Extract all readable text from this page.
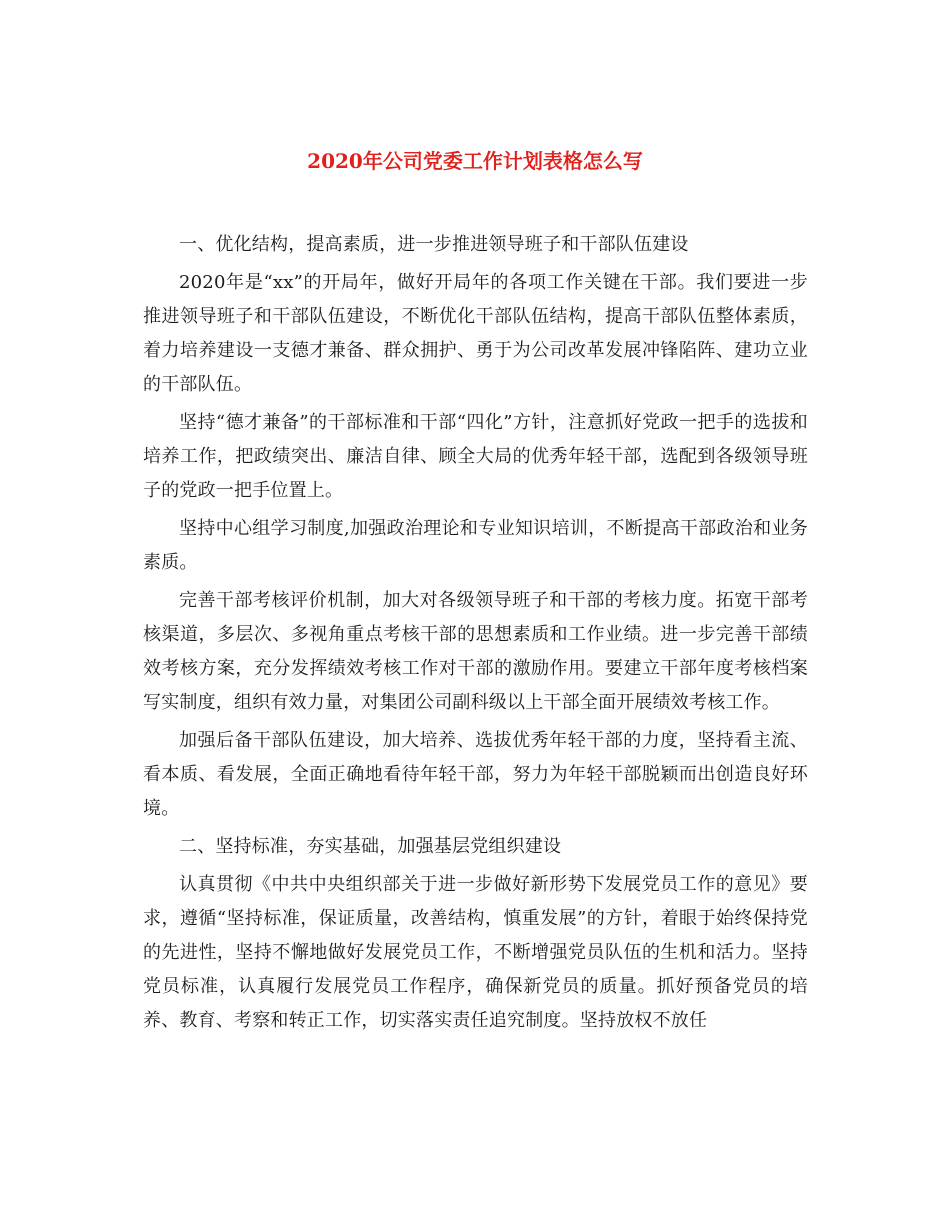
2020年公司党委工作计划表格怎么写

一、优化结构，提高素质，进一步推进领导班子和干部队伍建设

2020年是“xx”的开局年，做好开局年的各项工作关键在干部。我们要进一步推进领导班子和干部队伍建设，不断优化干部队伍结构，提高干部队伍整体素质，着力培养建设一支德才兼备、群众拥护、勇于为公司改革发展冲锋陷阵、建功立业的干部队伍。

坚持“德才兼备”的干部标准和干部“四化”方针，注意抓好党政一把手的选拔和培养工作，把政绩突出、廉洁自律、顾全大局的优秀年轻干部，选配到各级领导班子的党政一把手位置上。

坚持中心组学习制度,加强政治理论和专业知识培训，不断提高干部政治和业务素质。

完善干部考核评价机制，加大对各级领导班子和干部的考核力度。拓宽干部考核渠道，多层次、多视角重点考核干部的思想素质和工作业绩。进一步完善干部绩效考核方案，充分发挥绩效考核工作对干部的激励作用。要建立干部年度考核档案写实制度，组织有效力量，对集团公司副科级以上干部全面开展绩效考核工作。

加强后备干部队伍建设，加大培养、选拔优秀年轻干部的力度，坚持看主流、看本质、看发展，全面正确地看待年轻干部，努力为年轻干部脱颖而出创造良好环境。

二、坚持标准，夯实基础，加强基层党组织建设

认真贯彻《中共中央组织部关于进一步做好新形势下发展党员工作的意见》要求，遵循“坚持标准，保证质量，改善结构，慎重发展”的方针，着眼于始终保持党的先进性，坚持不懈地做好发展党员工作，不断增强党员队伍的生机和活力。坚持党员标准，认真履行发展党员工作程序，确保新党员的质量。抓好预备党员的培养、教育、考察和转正工作，切实落实责任追究制度。坚持放权不放任
